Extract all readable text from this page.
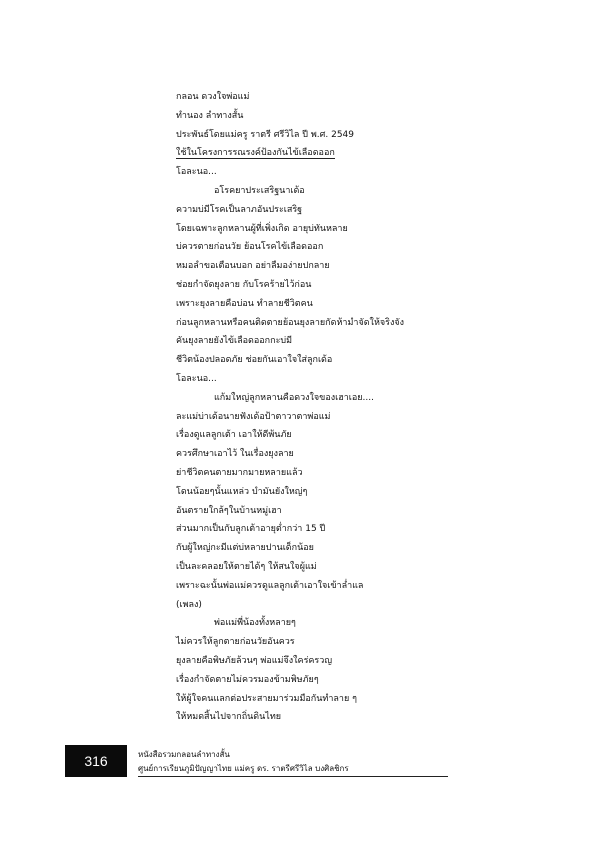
กลอน ดวงใจพ่อแม่
ทำนอง ลำทางสั้น
ประพันธ์โดยแม่ครู ราตรี ศรีวิไล ปี พ.ศ. 2549
ใช้ในโครงการรณรงค์ป้องกันไข้เลือดออก
โอละนอ...
อโรคยาประเสริฐนาเด้อ
ความบ่มีโรคเป็นลาภอันประเสริฐ
โดยเฉพาะลูกหลานผู้ที่เพิ่งเกิด อายุบ่ทันหลาย
บ่ควรตายก่อนวัย ย้อนโรคไข้เลือดออก
หมอลำขอเตือนบอก อย่าลืมอง่ายปกลาย
ช่อยกำจัดยุงลาย กับโรคร้ายไว้ก่อน
เพราะยุงลายคือบ่อน ทำลายชีวิตคน
ก่อนลูกหลานหรือคนติดตายย้อนยุงลายกัดห้ามำจัดให้จริงจัง
คันยุงลายยังไข้เลือดออกกะบ่มี
ชีวิตน้องปลอดภัย ช่อยกันเอาใจใส่ลูกเด้อ
โอละนอ...
แก้มใหญ่ลูกหลานคือดวงใจของเฮาเอย....
ละแม่บ่าเด้อนายฟังเด้อป้าตาวาตาพ่อแม่
เรื่องดูแลลูกเต้า เอาให้ดีพ้นภัย
ควรศึกษาเอาไว้ ในเรื่องยุงลาย
ย่าชีวิตคนตายมากมายหลายแล้ว
โดนน้อยๆนั้นแหล่ว บำมันยังใหญ่ๆ
อันตรายใกล้ๆในบ้านหมู่เฮา
ส่วนมากเป็นกับลูกเต้าอายุต่ำกว่า 15 ปี
กับผู้ใหญ่กะมีแต่บ่หลายปานเด็กน้อย
เป็นละคลอยให้ตายได้ๆ ให้สนใจผู้แม่
เพราะฉะนั้นพ่อแม่ควรดูแลลูกเต้าเอาใจเข้าล่ำแล
(เพลง)
พ่อแม่พี่น้องทั้งหลายๆ
ไม่ควรให้ลูกตายก่อนวัยอันควร
ยุงลายคือพิษภัยล้วนๆ พ่อแม่จึงใคร่ครวญ
เรื่องกำจัดตายไม่ควรมองข้ามพิษภัยๆ
ให้ผู้ใจคนแลกต่อประสายมาร่วมมือกันทำลาย ๆ
ให้หมดสิ้นไปจากถิ่นดินไทย
316	หนังสือรวมกลอนลำทางสั้น
ศูนย์การเรียนภูมิปัญญาไทย แม่ครู ดร. ราตรีศรีวิไล บงศิลชิกร
